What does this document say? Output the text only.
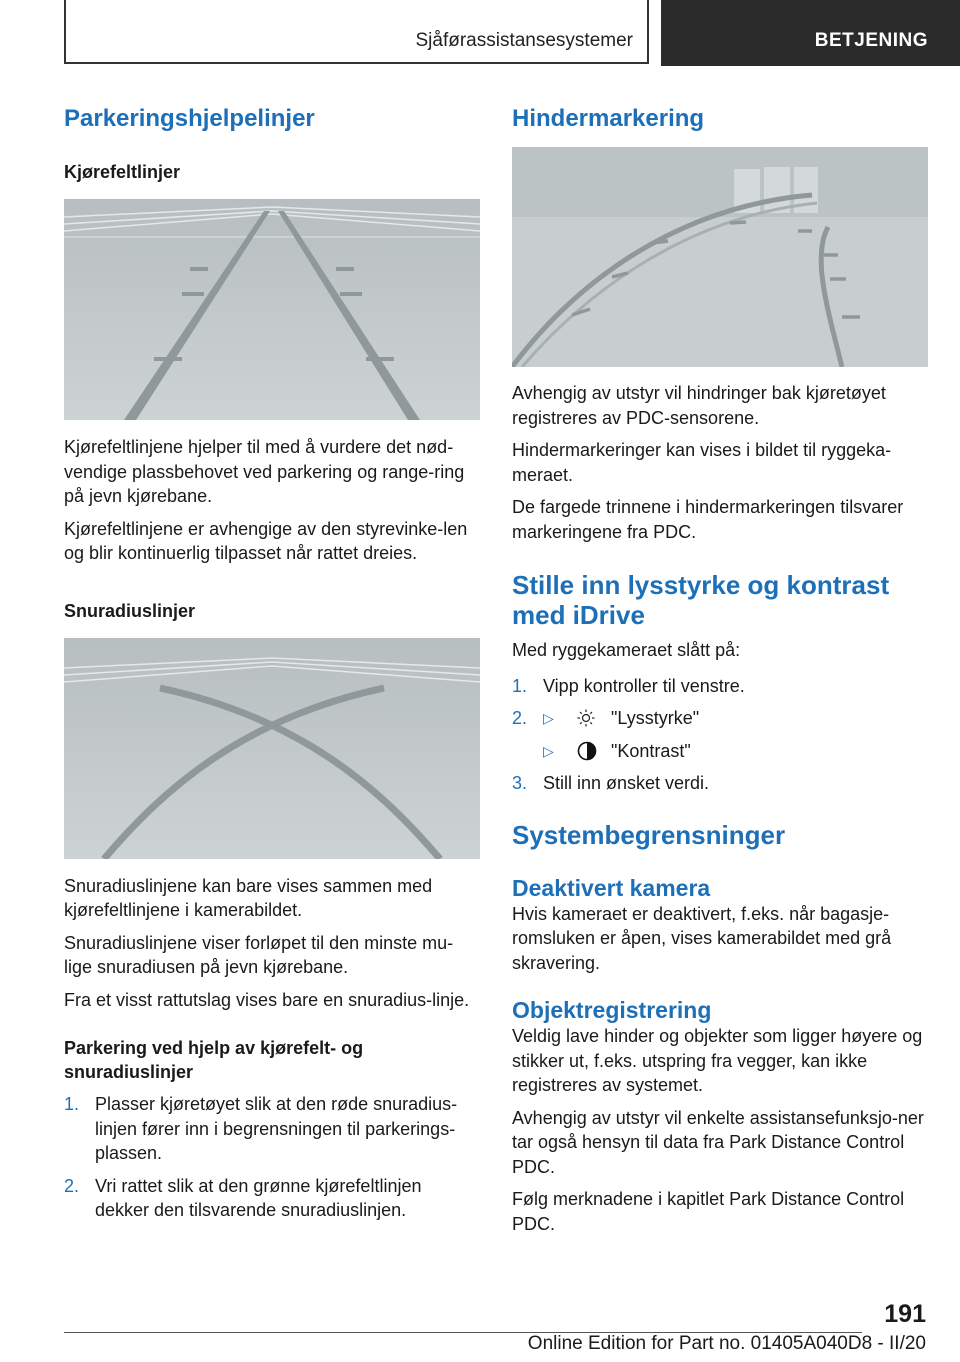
Sjåførassistansesystemer	BETJENING
Parkeringshjelpelinjer
Kjørefeltlinjer

Kjørefeltlinjene hjelper til med å vurdere det nød-vendige plassbehovet ved parkering og range-ring på jevn kjørebane.

Kjørefeltlinjene er avhengige av den styrevinke-len og blir kontinuerlig tilpasset når rattet dreies.

Snuradiuslinjer

Snuradiuslinjene kan bare vises sammen med kjørefeltlinjene i kamerabildet.

Snuradiuslinjene viser forløpet til den minste mu-lige snuradiusen på jevn kjørebane.

Fra et visst rattutslag vises bare en snuradius-linje.

Parkering ved hjelp av kjørefelt- og snuradiuslinjer
1. Plasser kjøretøyet slik at den røde snuradius-linjen fører inn i begrensningen til parkerings-plassen.
2. Vri rattet slik at den grønne kjørefeltlinjen dekker den tilsvarende snuradiuslinjen.
Hindermarkering

Avhengig av utstyr vil hindringer bak kjøretøyet registreres av PDC-sensorene.

Hindermarkeringer kan vises i bildet til ryggeka-meraet.

De fargede trinnene i hindermarkeringen tilsvarer markeringene fra PDC.

Stille inn lysstyrke og kontrast med iDrive

Med ryggekameraet slått på:

1. Vipp kontroller til venstre.
2. ▷	"Lysstyrke"
▷	"Kontrast"
3. Still inn ønsket verdi.
Systembegrensninger
Deaktivert kamera

Hvis kameraet er deaktivert, f.eks. når bagasje-romsluken er åpen, vises kamerabildet med grå skravering.

Objektregistrering

Veldig lave hinder og objekter som ligger høyere og stikker ut, f.eks. utspring fra vegger, kan ikke registreres av systemet.

Avhengig av utstyr vil enkelte assistansefunksjo-ner tar også hensyn til data fra Park Distance Control PDC.

Følg merknadene i kapitlet Park Distance Control PDC.

191
Online Edition for Part no. 01405A040D8 - II/20
